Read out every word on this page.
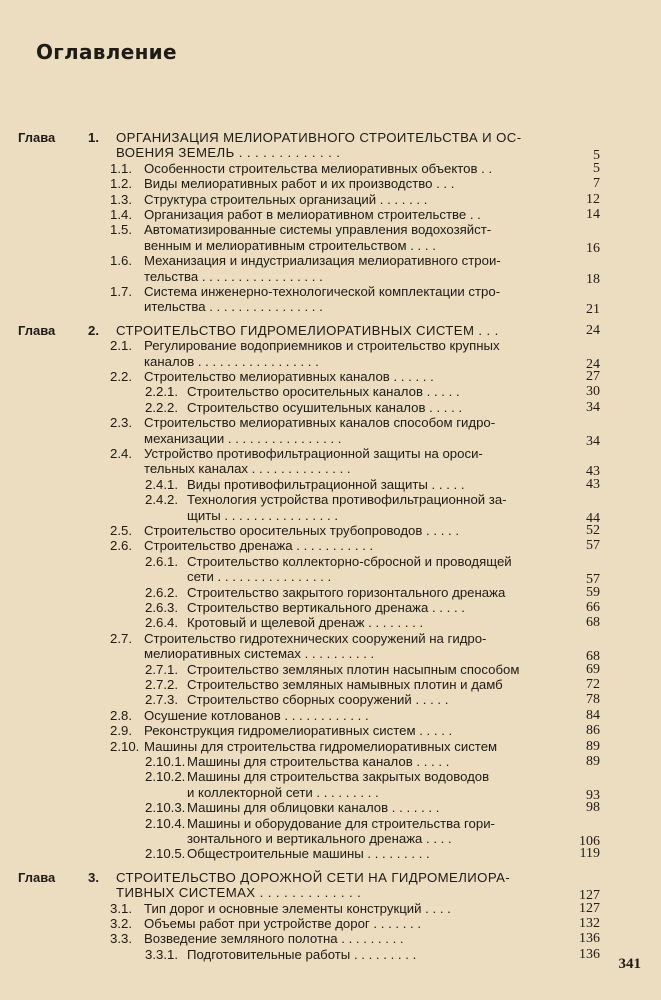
Оглавление
Глава 1. ОРГАНИЗАЦИЯ МЕЛИОРАТИВНОГО СТРОИТЕЛЬСТВА И ОС-
ВОЕНИЯ ЗЕМЕЛЬ . . . . . . . . . . . . .	5
1.1. Особенности строительства мелиоративных объектов . .	5
1.2. Виды мелиоративных работ и их производство . . .	7
1.3. Структура строительных организаций . . . . . . .	12
1.4. Организация работ в мелиоративном строительстве . .	14
1.5. Автоматизированные системы управления водохозяйст-
венным и мелиоративным строительством . . . .	16
1.6. Механизация и индустриализация мелиоративного строи-
тельства . . . . . . . . . . . . . . . . .	18
1.7. Система инженерно-технологической комплектации стро-
ительства . . . . . . . . . . . . . . . .	21
Глава 2. СТРОИТЕЛЬСТВО ГИДРОМЕЛИОРАТИВНЫХ СИСТЕМ . . .	24
2.1. Регулирование водоприемников и строительство крупных
каналов . . . . . . . . . . . . . . . . .	24
2.2. Строительство мелиоративных каналов . . . . . .	27
2.2.1. Строительство оросительных каналов . . . . .	30
2.2.2. Строительство осушительных каналов . . . . .	34
2.3. Строительство мелиоративных каналов способом гидро-
механизации . . . . . . . . . . . . . . . .	34
2.4. Устройство противофильтрационной защиты на ороси-
тельных каналах . . . . . . . . . . . . . .	43
2.4.1. Виды противофильтрационной защиты . . . . .	43
2.4.2. Технология устройства противофильтрационной за-
щиты . . . . . . . . . . . . . . . .	44
2.5. Строительство оросительных трубопроводов . . . . .	52
2.6. Строительство дренажа . . . . . . . . . . .	57
2.6.1. Строительство коллекторно-сбросной и проводящей
сети . . . . . . . . . . . . . . . .	57
2.6.2. Строительство закрытого горизонтального дренажа	59
2.6.3. Строительство вертикального дренажа . . . . .	66
2.6.4. Кротовый и щелевой дренаж . . . . . . . .	68
2.7. Строительство гидротехнических сооружений на гидро-
мелиоративных системах . . . . . . . . . .	68
2.7.1. Строительство земляных плотин насыпным способом	69
2.7.2. Строительство земляных намывных плотин и дамб	72
2.7.3. Строительство сборных сооружений . . . . .	78
2.8. Осушение котлованов . . . . . . . . . . . .	84
2.9. Реконструкция гидромелиоративных систем . . . . .	86
2.10. Машины для строительства гидромелиоративных систем	89
2.10.1. Машины для строительства каналов . . . . .	89
2.10.2. Машины для строительства закрытых водоводов
и коллекторной сети . . . . . . . . .	93
2.10.3. Машины для облицовки каналов . . . . . . .	98
2.10.4. Машины и оборудование для строительства гори-
зонтального и вертикального дренажа . . . .	106
2.10.5. Общестроительные машины . . . . . . . . .	119
Глава 3. СТРОИТЕЛЬСТВО ДОРОЖНОЙ СЕТИ НА ГИДРОМЕЛИОРА-
ТИВНЫХ СИСТЕМАХ . . . . . . . . . . . . .	127
3.1. Тип дорог и основные элементы конструкций . . . .	127
3.2. Объемы работ при устройстве дорог . . . . . . .	132
3.3. Возведение земляного полотна . . . . . . . . .	136
3.3.1. Подготовительные работы . . . . . . . . .	136
341
